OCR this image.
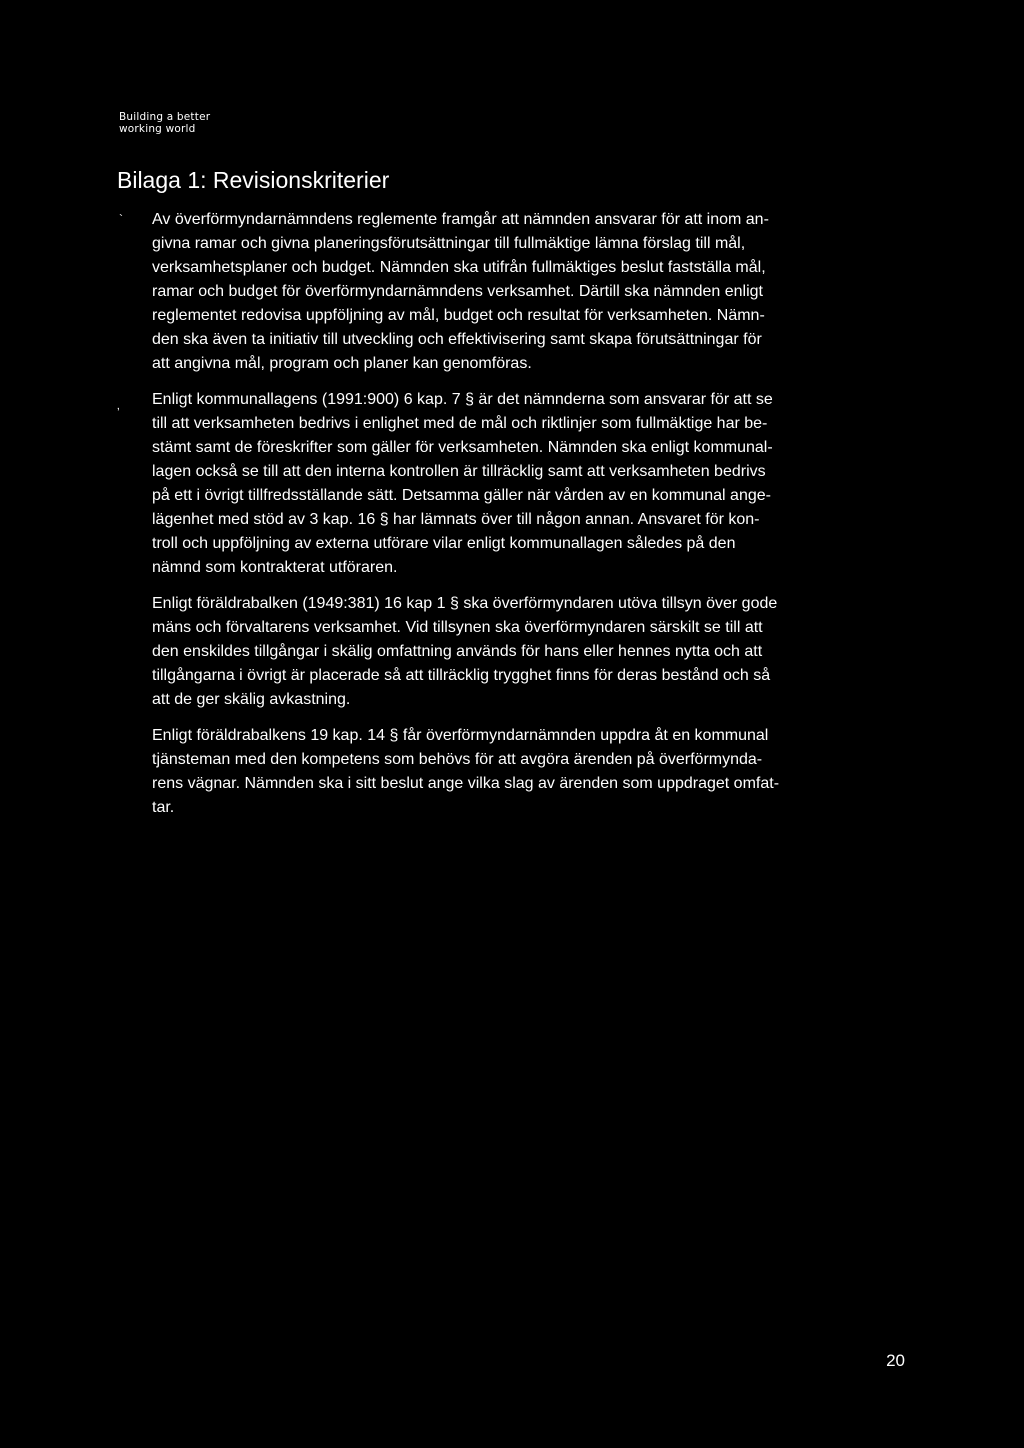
Building a better
working world
Bilaga 1: Revisionskriterier
`
‚
Av överförmyndarnämndens reglemente framgår att nämnden ansvarar för att inom an-
givna ramar och givna planeringsförutsättningar till fullmäktige lämna förslag till mål,
verksamhetsplaner och budget. Nämnden ska utifrån fullmäktiges beslut fastställa mål,
ramar och budget för överförmyndarnämndens verksamhet. Därtill ska nämnden enligt
reglementet redovisa uppföljning av mål, budget och resultat för verksamheten. Nämn-
den ska även ta initiativ till utveckling och effektivisering samt skapa förutsättningar för
att angivna mål, program och planer kan genomföras.
Enligt kommunallagens (1991:900) 6 kap. 7 § är det nämnderna som ansvarar för att se
till att verksamheten bedrivs i enlighet med de mål och riktlinjer som fullmäktige har be-
stämt samt de föreskrifter som gäller för verksamheten. Nämnden ska enligt kommunal-
lagen också se till att den interna kontrollen är tillräcklig samt att verksamheten bedrivs
på ett i övrigt tillfredsställande sätt. Detsamma gäller när vården av en kommunal ange-
lägenhet med stöd av 3 kap. 16 § har lämnats över till någon annan. Ansvaret för kon-
troll och uppföljning av externa utförare vilar enligt kommunallagen således på den
nämnd som kontrakterat utföraren.
Enligt föräldrabalken (1949:381) 16 kap 1 § ska överförmyndaren utöva tillsyn över gode
mäns och förvaltarens verksamhet. Vid tillsynen ska överförmyndaren särskilt se till att
den enskildes tillgångar i skälig omfattning används för hans eller hennes nytta och att
tillgångarna i övrigt är placerade så att tillräcklig trygghet finns för deras bestånd och så
att de ger skälig avkastning.
Enligt föräldrabalkens 19 kap. 14 § får överförmyndarnämnden uppdra åt en kommunal
tjänsteman med den kompetens som behövs för att avgöra ärenden på överförmynda-
rens vägnar. Nämnden ska i sitt beslut ange vilka slag av ärenden som uppdraget omfat-
tar.
20
